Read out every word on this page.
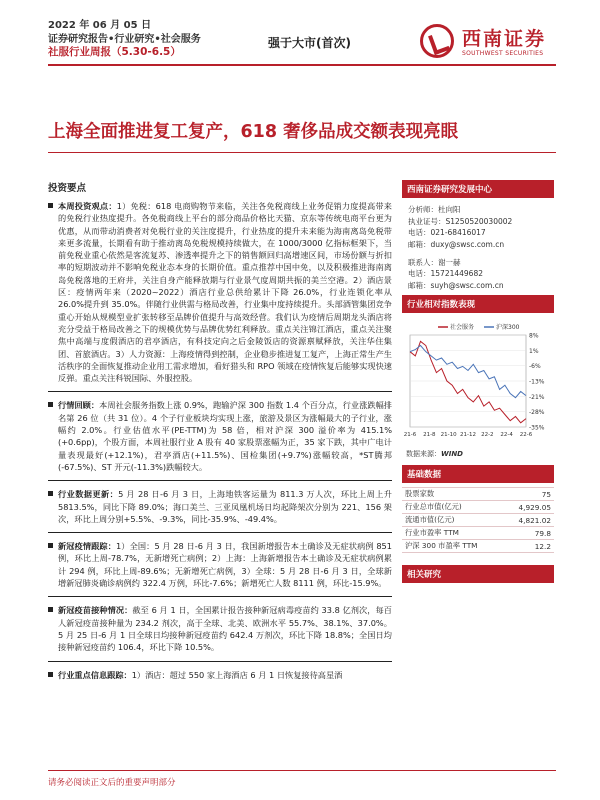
2022 年 06 月 05 日
证券研究报告•行业研究•社会服务
社服行业周报（5.30-6.5）
强于大市(首次)	西南证券
SOUTHWEST SECURITIES
上海全面推进复工复产，618 奢侈品成交额表现亮眼
投资要点
本周投资观点：1）免税：618 电商购物节来临，关注各免税商线上业务促销力度提高带来的免税行业热度提升。各免税商线上平台的部分商品价格比天猫、京东等传统电商平台更为优惠，从而带动消费者对免税行业的关注度提升，行业热度的提升未来能为海南离岛免税带来更多流量，长期看有助于推动离岛免税规模持续做大，在 1000/3000 亿指标框架下，当前免税业重心依然是客流复苏、渗透率提升之下的销售额回归高增速区间，市场份额与折扣率的短期波动并不影响免税业态本身的长期价值。重点推荐中国中免，以及积极推进海南离岛免税落地的王府井，关注自身产能释放期与行业景气度周期共振的美兰空港。2）酒店景区：疫情两年来（2020~2022）酒店行业总供给累计下降 26.0%，行业连锁化率从 26.0%提升到 35.0%。伴随行业供需与格局改善，行业集中度持续提升。头部酒管集团竞争重心开始从规模型业扩张转移至品牌价值提升与高效经营。我们认为疫情后周期龙头酒店将充分受益于格局改善之下的规模优势与品牌优势红利释放。重点关注锦江酒店，重点关注聚焦中高端与度假酒店的君亭酒店，有科技定向之后金陵饭店的资源禀赋释放，关注华住集团、首旅酒店。3）人力资源：上海疫情得到控制，企业稳步推进复工复产，上海正常生产生活秩序的全面恢复推动企业用工需求增加，看好猎头和 RPO 领域在疫情恢复后能够实现快速反弹。重点关注科锐国际、外服控股。
行情回顾：本周社会服务指数上涨 0.9%，跑输沪深 300 指数 1.4 个百分点，行业涨跌幅排名第 26 位（共 31 位）。4 个子行业板块均实现上涨，旅游及景区为涨幅最大的子行业，涨幅约 2.0%。行业估值水平(PE-TTM)为 58 倍，相对沪深 300 溢价率为 415.1%(+0.6pp)，个股方面，本周社服行业 A 股有 40 家股票涨幅为正，35 家下跌，其中广电计量表现最好(+12.1%)，君亭酒店(+11.5%)、国检集团(+9.7%)涨幅较高，*ST腾邦(-67.5%)、ST 开元(-11.3%)跌幅较大。
行业数据更新：5 月 28 日-6 月 3 日，上海地铁客运量为 811.3 万人次，环比上周上升 5813.5%，同比下降 89.0%；海口美兰、三亚凤凰机场日均起降架次分别为 221、156 架次，环比上周分别+5.5%、-9.3%，同比-35.9%、-49.4%。
新冠疫情跟踪：1）全国：5 月 28 日-6 月 3 日，我国新增报告本土确诊及无症状病例 851 例，环比上周-78.7%，无新增死亡病例；2）上海：上海新增报告本土确诊及无症状病例累计 294 例，环比上周-89.6%；无新增死亡病例，3）全球：5 月 28 日-6 月 3 日，全球新增新冠肺炎确诊病例约 322.4 万例，环比-7.6%；新增死亡人数 8111 例，环比-15.9%。
新冠疫苗接种情况：截至 6 月 1 日，全国累计报告接种新冠病毒疫苗约 33.8 亿剂次，每百人新冠疫苗接种量为 234.2 剂次，高于全球、北美、欧洲水平 55.7%、38.1%、37.0%。5 月 25 日-6 月 1 日全球日均接种新冠疫苗约 642.4 万剂次，环比下降 18.8%；全国日均接种新冠疫苗约 106.4，环比下降 10.5%。
行业重点信息跟踪：1）酒店：超过 550 家上海酒店 6 月 1 日恢复接待高星酒
西南证券研究发展中心
分析师：杜向阳
执业证号：S1250520030002
电话：021-68416017
邮箱：duxy@swsc.com.cn
联系人：谢一赫
电话：15721449682
邮箱：suyh@swsc.com.cn
行业相对指数表现
8%
1%
-6%
-13%
-21%
-28%
-35%
21-6 21-8 21-10 21-12 22-2 22-4 22-6
社会服务	沪深300
数据来源：WIND
基础数据
股票家数	75
行业总市值(亿元)	4,929.05
流通市值(亿元)	4,821.02
行业市盈率 TTM	79.8
沪深 300 市盈率 TTM	12.2
相关研究
请务必阅读正文后的重要声明部分
